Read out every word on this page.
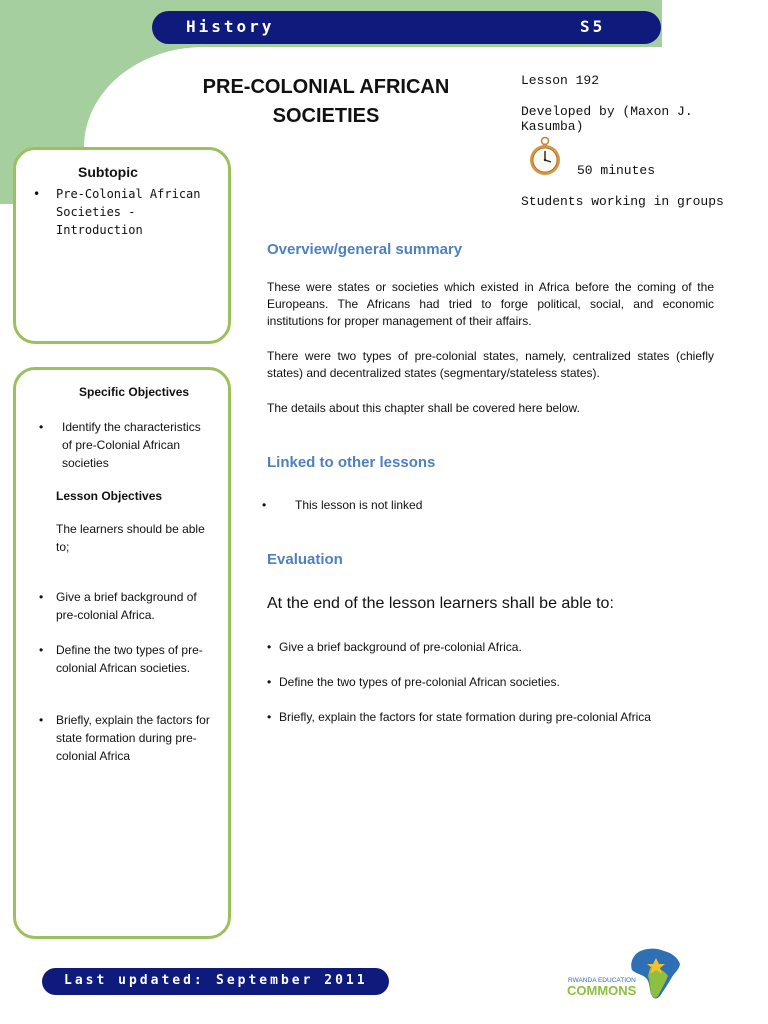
History	S5
PRE-COLONIAL AFRICAN
SOCIETIES
Lesson 192
Developed by (Maxon J.
Kasumba)
50 minutes
Students working in groups
Subtopic
• Pre-Colonial African Societies - Introduction
Specific Objectives
• Identify the characteristics of pre-Colonial African societies
Lesson Objectives
The learners should be able to;
• Give a brief background of pre-colonial Africa.
• Define the two types of pre-colonial African societies.
• Briefly, explain the factors for state formation during pre-colonial Africa
Overview/general summary
These were states or societies which existed in Africa before the coming of the Europeans. The Africans had tried to forge political, social, and economic institutions for proper management of their affairs.
There were two types of pre-colonial states, namely, centralized states (chiefly states) and decentralized states (segmentary/stateless states).
The details about this chapter shall be covered here below.
Linked to other lessons
• This lesson is not linked
Evaluation
At the end of the lesson learners shall be able to:
• Give a brief background of pre-colonial Africa.
• Define the two types of pre-colonial African societies.
• Briefly, explain the factors for state formation during pre-colonial Africa
Last updated: September 2011	RWANDA EDUCATION
COMMONS
